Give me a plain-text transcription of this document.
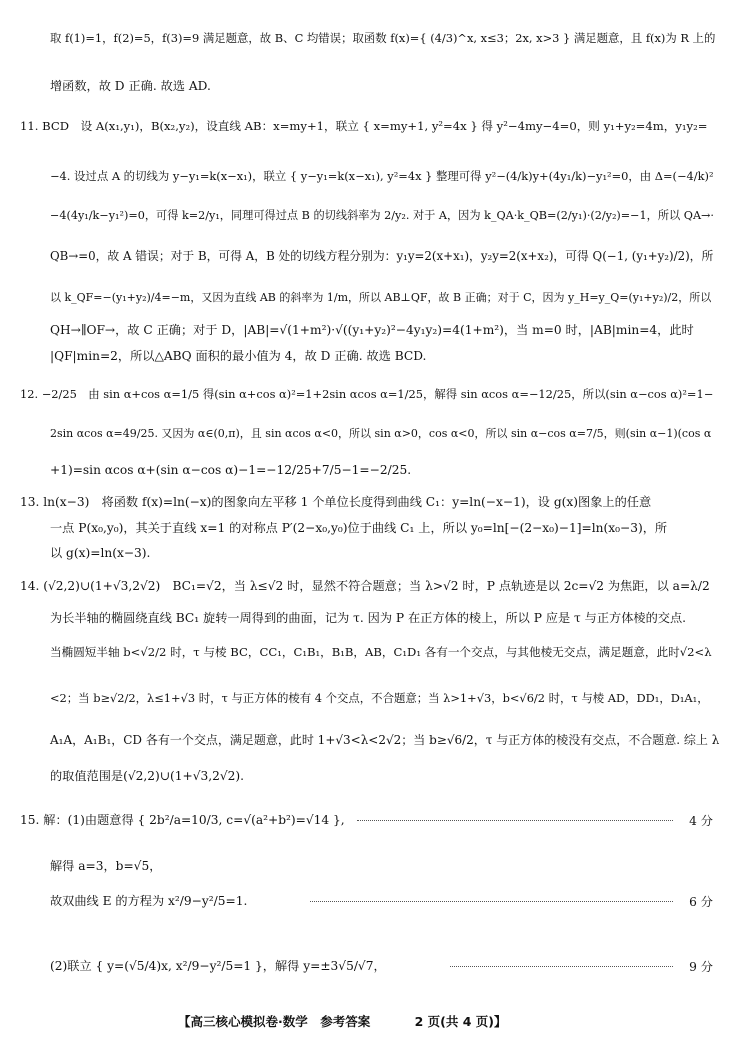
取 f(1)=1，f(2)=5，f(3)=9 满足题意，故 B、C 均错误；取函数 f(x)={ (4/3)^x, x≤3；2x, x>3 } 满足题意，且 f(x)为 R 上的
增函数，故 D 正确. 故选 AD.
11. BCD　设 A(x₁,y₁)，B(x₂,y₂)，设直线 AB：x=my+1，联立 { x=my+1, y²=4x } 得 y²−4my−4=0，则 y₁+y₂=4m，y₁y₂=
−4. 设过点 A 的切线为 y−y₁=k(x−x₁)，联立 { y−y₁=k(x−x₁), y²=4x } 整理可得 y²−(4/k)y+(4y₁/k)−y₁²=0，由 Δ=(−4/k)²
−4(4y₁/k−y₁²)=0，可得 k=2/y₁，同理可得过点 B 的切线斜率为 2/y₂. 对于 A，因为 k_QA·k_QB=(2/y₁)·(2/y₂)=−1，所以 QA→·
QB→=0，故 A 错误；对于 B，可得 A，B 处的切线方程分别为：y₁y=2(x+x₁)，y₂y=2(x+x₂)，可得 Q(−1, (y₁+y₂)/2)，所
以 k_QF=−(y₁+y₂)/4=−m，又因为直线 AB 的斜率为 1/m，所以 AB⊥QF，故 B 正确；对于 C，因为 y_H=y_Q=(y₁+y₂)/2，所以
QH→∥OF→，故 C 正确；对于 D，|AB|=√(1+m²)·√((y₁+y₂)²−4y₁y₂)=4(1+m²)，当 m=0 时，|AB|min=4，此时
|QF|min=2，所以△ABQ 面积的最小值为 4，故 D 正确. 故选 BCD.
12. −2/25　由 sin α+cos α=1/5 得(sin α+cos α)²=1+2sin αcos α=1/25，解得 sin αcos α=−12/25，所以(sin α−cos α)²=1−
2sin αcos α=49/25. 又因为 α∈(0,π)，且 sin αcos α<0，所以 sin α>0，cos α<0，所以 sin α−cos α=7/5，则(sin α−1)(cos α
+1)=sin αcos α+(sin α−cos α)−1=−12/25+7/5−1=−2/25.
13. ln(x−3)　将函数 f(x)=ln(−x)的图象向左平移 1 个单位长度得到曲线 C₁：y=ln(−x−1)，设 g(x)图象上的任意
一点 P(x₀,y₀)，其关于直线 x=1 的对称点 P′(2−x₀,y₀)位于曲线 C₁ 上，所以 y₀=ln[−(2−x₀)−1]=ln(x₀−3)，所
以 g(x)=ln(x−3).
14. (√2,2)∪(1+√3,2√2)　BC₁=√2，当 λ≤√2 时，显然不符合题意；当 λ>√2 时，P 点轨迹是以 2c=√2 为焦距，以 a=λ/2
为长半轴的椭圆绕直线 BC₁ 旋转一周得到的曲面，记为 τ. 因为 P 在正方体的棱上，所以 P 应是 τ 与正方体棱的交点.
当椭圆短半轴 b<√2/2 时，τ 与棱 BC，CC₁，C₁B₁，B₁B，AB，C₁D₁ 各有一个交点，与其他棱无交点，满足题意，此时√2<λ
<2；当 b≥√2/2，λ≤1+√3 时，τ 与正方体的棱有 4 个交点，不合题意；当 λ>1+√3，b<√6/2 时，τ 与棱 AD，DD₁，D₁A₁，
A₁A，A₁B₁，CD 各有一个交点，满足题意，此时 1+√3<λ<2√2；当 b≥√6/2，τ 与正方体的棱没有交点，不合题意. 综上 λ
的取值范围是(√2,2)∪(1+√3,2√2).
15. 解：(1)由题意得 { 2b²/a=10/3, c=√(a²+b²)=√14 },	4 分
解得 a=3，b=√5，
故双曲线 E 的方程为 x²/9−y²/5=1.	6 分
(2)联立 { y=(√5/4)x, x²/9−y²/5=1 }，解得 y=±3√5/√7，	9 分
【高三核心模拟卷·数学　参考答案	2 页(共 4 页)】
